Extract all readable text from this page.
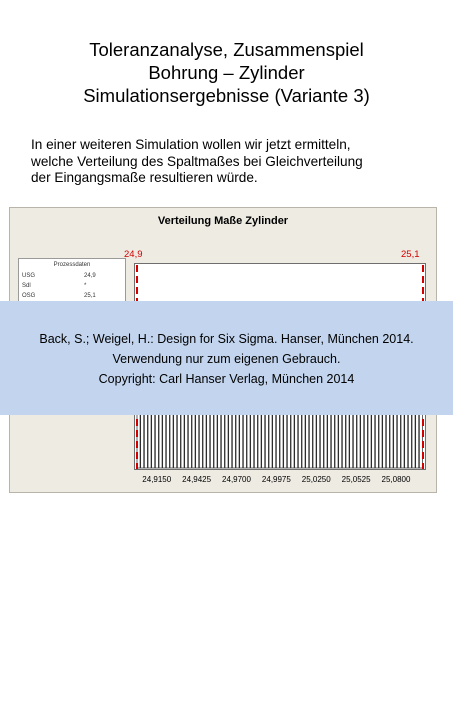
Toleranzanalyse, Zusammenspiel
Bohrung – Zylinder
Simulationsergebnisse (Variante 3)
In einer weiteren Simulation wollen wir jetzt ermitteln,
welche Verteilung des Spaltmaßes bei Gleichverteilung
der Eingangsmaße resultieren würde.
Verteilung Maße Zylinder
Prozessdaten
USG	24,9
Sdl	*
OSG	25,1
24,9	25,1
24,9150 24,9425 24,9700 24,9975 25,0250 25,0525 25,0800
Back, S.; Weigel, H.: Design for Six Sigma. Hanser, München 2014.
Verwendung nur zum eigenen Gebrauch.
Copyright: Carl Hanser Verlag, München 2014
